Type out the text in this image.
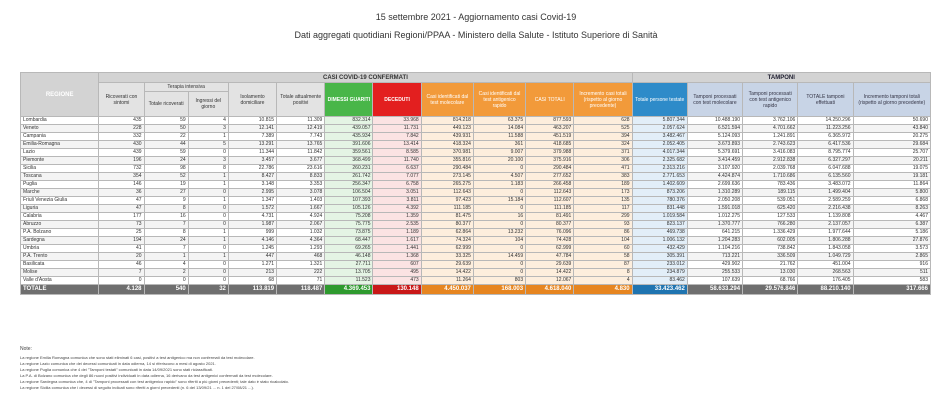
15 settembre 2021 - Aggiornamento casi Covid-19
Dati aggregati quotidiani Regioni/PPAA - Ministero della Salute - Istituto Superiore di Sanità
REGIONE	CASI COVID-19 CONFERMATI											TAMPONI				
	Ricoverati con sintomi	Terapia intensiva		Isolamento domiciliare	Totale attualmente positivi	DIMESSI GUARITI	DECEDUTI	Casi identificati dal test molecolare	Casi identificati dal test antigenico rapido	CASI TOTALI	Incremento casi totali (rispetto al giorno precedente)	Totale persone testate	Tamponi processati con test molecolare	Tamponi processati con test antigenico rapido	TOTALE tamponi effettuati	Incremento tamponi totali (rispetto al giorno precedente)
		Totale ricoverati	Ingressi del giorno													
Lombardia	435	59	4	10.815	11.309	832.314	33.968	814.218	63.375	877.593	628	5.807.344	10.488.190	3.762.106	14.250.296	50.690
Veneto	228	50	3	12.141	12.419	439.057	11.731	449.123	14.084	463.207	525	2.057.624	6.521.594	4.701.662	11.223.256	43.840
Campania	332	22	1	7.389	7.743	435.934	7.842	439.931	11.588	451.519	394	3.482.467	5.124.093	1.241.891	6.365.972	20.275
Emilia-Romagna	430	44	5	13.291	13.765	391.606	13.414	418.324	361	418.685	324	2.052.405	3.673.893	2.743.623	6.417.536	29.684
Lazio	439	59	0	11.344	11.842	359.561	8.585	370.981	9.007	379.988	371	4.017.344	5.379.691	3.416.083	8.795.774	25.707
Piemonte	196	24	3	3.457	3.677	368.499	11.740	355.816	20.100	375.916	306	2.325.682	3.414.459	2.912.838	6.327.297	20.211
Sicilia	732	98	8	22.786	23.616	260.231	6.637	290.484	0	290.484	471	2.313.216	3.107.920	2.039.768	6.047.688	19.075
Toscana	354	52	1	8.427	8.833	261.742	7.077	273.145	4.507	277.652	383	2.771.653	4.424.874	1.710.686	6.135.560	19.181
Puglia	146	19	1	3.148	3.353	256.347	6.758	265.275	1.183	266.458	189	1.402.609	2.699.636	783.436	3.483.072	11.864
Marche	36	27	0	2.995	3.078	106.504	3.051	112.643	0	112.643	173	873.206	1.310.289	189.115	1.499.404	5.800
Friuli Venezia Giulia	47	9	1	1.347	1.403	107.393	3.811	97.423	15.184	112.607	135	780.376	2.050.208	539.051	2.589.259	6.868
Liguria	47	8	0	1.572	1.667	105.126	4.392	111.185	0	111.185	117	831.448	1.591.018	625.420	2.216.438	8.263
Calabria	177	16	0	4.731	4.924	75.208	1.359	81.475	16	81.491	299	1.019.584	1.012.275	127.533	1.139.808	4.467
Abruzzo	73	7	0	1.987	2.067	75.775	2.535	80.377	0	80.377	93	823.137	1.370.777	766.280	2.137.057	6.387
P.A. Bolzano	25	8	1	999	1.032	73.875	1.189	62.864	13.232	76.096	86	469.738	641.215	1.336.429	1.977.644	5.186
Sardegna	194	24	1	4.146	4.364	68.447	1.617	74.324	104	74.428	104	1.006.132	1.204.283	602.005	1.806.288	27.876
Umbria	41	7	0	1.245	1.293	69.265	1.441	62.999	0	62.999	60	432.429	1.104.216	738.842	1.843.058	3.573
P.A. Trento	20	1	1	447	468	46.148	1.368	33.325	14.459	47.784	58	305.391	713.221	336.509	1.049.729	2.865
Basilicata	46	4	0	1.271	1.321	27.711	607	29.639	0	29.639	87	233.012	429.902	21.762	451.004	916
Molise	7	2	0	213	222	13.705	495	14.422	0	14.422	8	234.879	255.533	13.030	268.563	511
Valle d'Aosta	0	0	0	68	71	11.523	473	11.264	803	12.067	4	83.462	107.639	68.766	176.405	583
TOTALE	4.128	540	32	113.819	118.487	4.369.453	130.148	4.450.037	168.003	4.618.040	4.830	33.423.462	58.633.294	29.576.846	88.210.140	317.666
Note:
La regione Emilia Romagna comunica che sono stati eliminati 6 casi, positivi a test antigenico ma non confermati da test molecolare.
La regione Lazio comunica che dei decessi comunicati in data odierna, 14 si riferiscono a mesi di agosto 2021.
La regione Puglia comunica che 4 dei "Tamponi testati" comunicati in data 14/09/2021 sono stati riclassificati.
La P.A. di Bolzano comunica che degli 86 nuovi positivi individuati in data odierna, 16 derivano da test antigenici confermati da test molecolare.
La regione Sardegna comunica che, 4 di "Tamponi processati con test antigenico rapido" sono riferiti a più giorni precedenti; tale dato è stato ricalcolato.
La regione Sicilia comunica che i decessi di seguito indicati sono riferiti a giorni precedenti (n. 6 del 13/09/21 ... n. 1 del 27/08/21 ...).
